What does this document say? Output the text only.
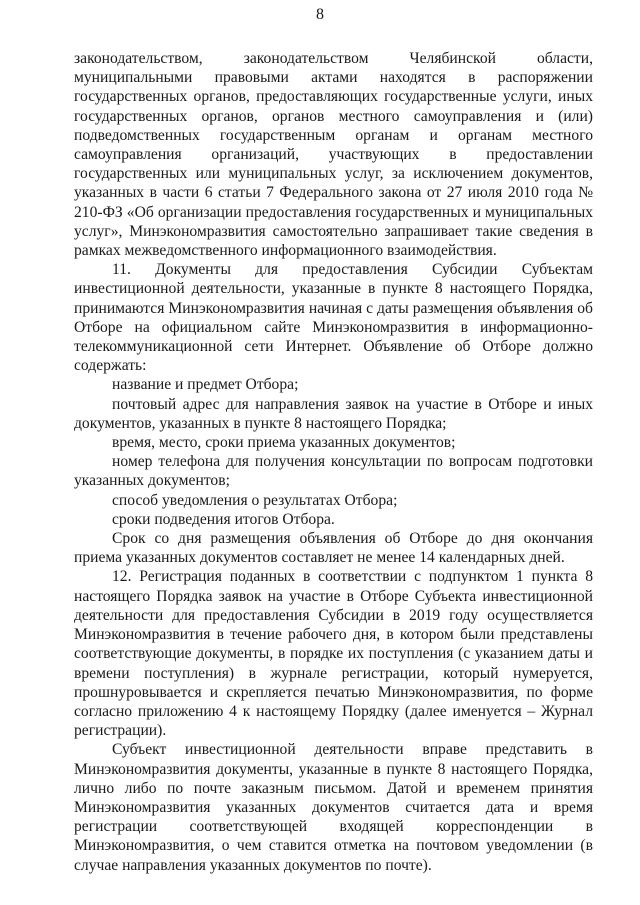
8

законодательством, законодательством Челябинской области, муниципальными правовыми актами находятся в распоряжении государственных органов, предоставляющих государственные услуги, иных государственных органов, органов местного самоуправления и (или) подведомственных государственным органам и органам местного самоуправления организаций, участвующих в предоставлении государственных или муниципальных услуг, за исключением документов, указанных в части 6 статьи 7 Федерального закона от 27 июля 2010 года № 210-ФЗ «Об организации предоставления государственных и муниципальных услуг», Минэкономразвития самостоятельно запрашивает такие сведения в рамках межведомственного информационного взаимодействия.

11. Документы для предоставления Субсидии Субъектам инвестиционной деятельности, указанные в пункте 8 настоящего Порядка, принимаются Минэкономразвития начиная с даты размещения объявления об Отборе на официальном сайте Минэкономразвития в информационно-телекоммуникационной сети Интернет. Объявление об Отборе должно содержать:

название и предмет Отбора;

почтовый адрес для направления заявок на участие в Отборе и иных документов, указанных в пункте 8 настоящего Порядка;

время, место, сроки приема указанных документов;

номер телефона для получения консультации по вопросам подготовки указанных документов;

способ уведомления о результатах Отбора;

сроки подведения итогов Отбора.

Срок со дня размещения объявления об Отборе до дня окончания приема указанных документов составляет не менее 14 календарных дней.

12. Регистрация поданных в соответствии с подпунктом 1 пункта 8 настоящего Порядка заявок на участие в Отборе Субъекта инвестиционной деятельности для предоставления Субсидии в 2019 году осуществляется Минэкономразвития в течение рабочего дня, в котором были представлены соответствующие документы, в порядке их поступления (с указанием даты и времени поступления) в журнале регистрации, который нумеруется, прошнуровывается и скрепляется печатью Минэкономразвития, по форме согласно приложению 4 к настоящему Порядку (далее именуется – Журнал регистрации).

Субъект инвестиционной деятельности вправе представить в Минэкономразвития документы, указанные в пункте 8 настоящего Порядка, лично либо по почте заказным письмом. Датой и временем принятия Минэкономразвития указанных документов считается дата и время регистрации соответствующей входящей корреспонденции в Минэкономразвития, о чем ставится отметка на почтовом уведомлении (в случае направления указанных документов по почте).
